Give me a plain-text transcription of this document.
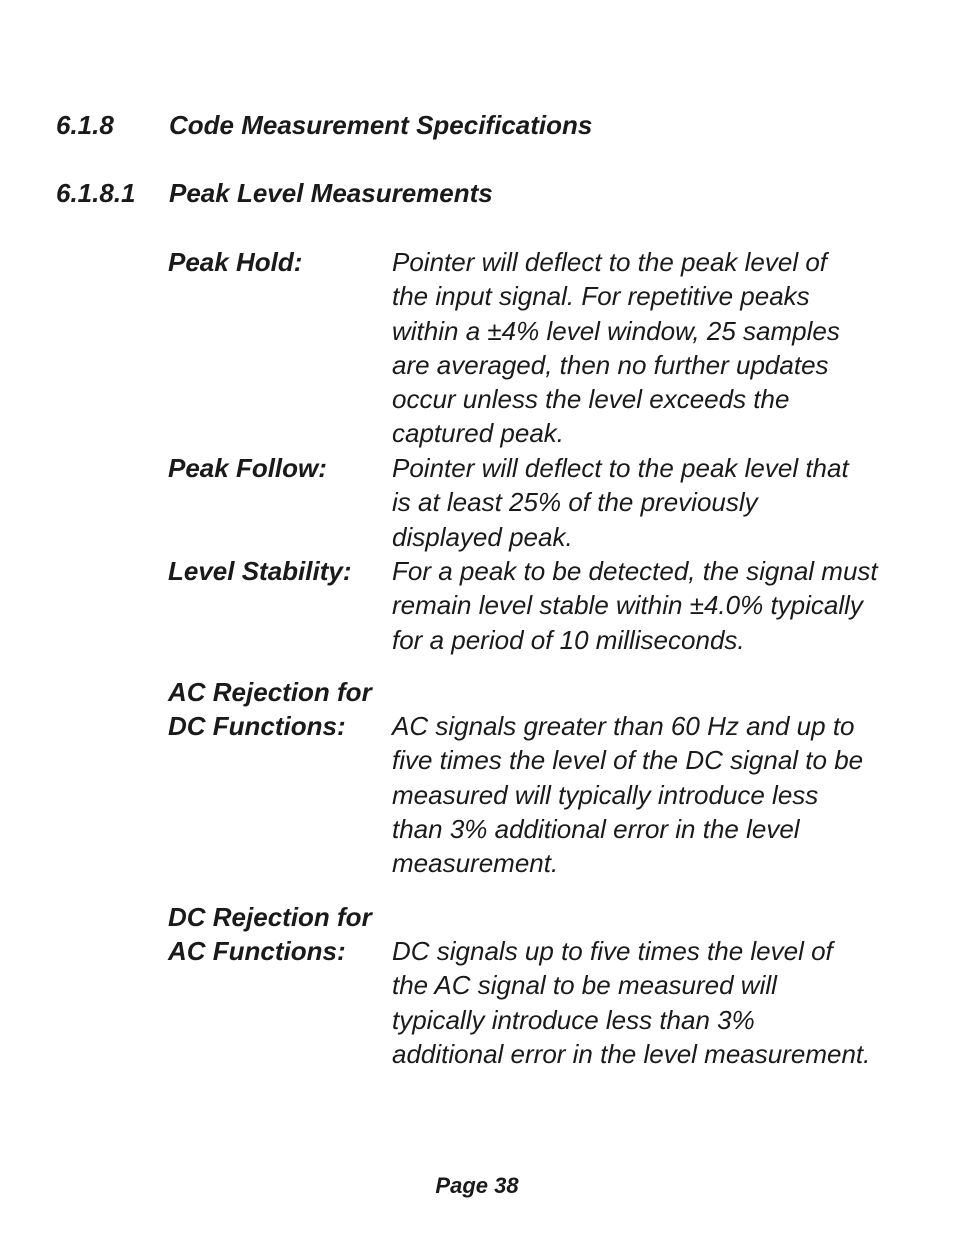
6.1.8 Code Measurement Specifications
6.1.8.1 Peak Level Measurements
Peak Hold:	Pointer will deflect to the peak level of
the input signal. For repetitive peaks
within a ±4% level window, 25 samples
are averaged, then no further updates
occur unless the level exceeds the
captured peak.
Peak Follow:	Pointer will deflect to the peak level that
is at least 25% of the previously
displayed peak.
Level Stability: For a peak to be detected, the signal must
remain level stable within ±4.0% typically
for a period of 10 milliseconds.
AC Rejection for
DC Functions:	AC signals greater than 60 Hz and up to
five times the level of the DC signal to be
measured will typically introduce less
than 3% additional error in the level
measurement.
DC Rejection for
AC Functions:	DC signals up to five times the level of
the AC signal to be measured will
typically introduce less than 3%
additional error in the level measurement.
Page 38
